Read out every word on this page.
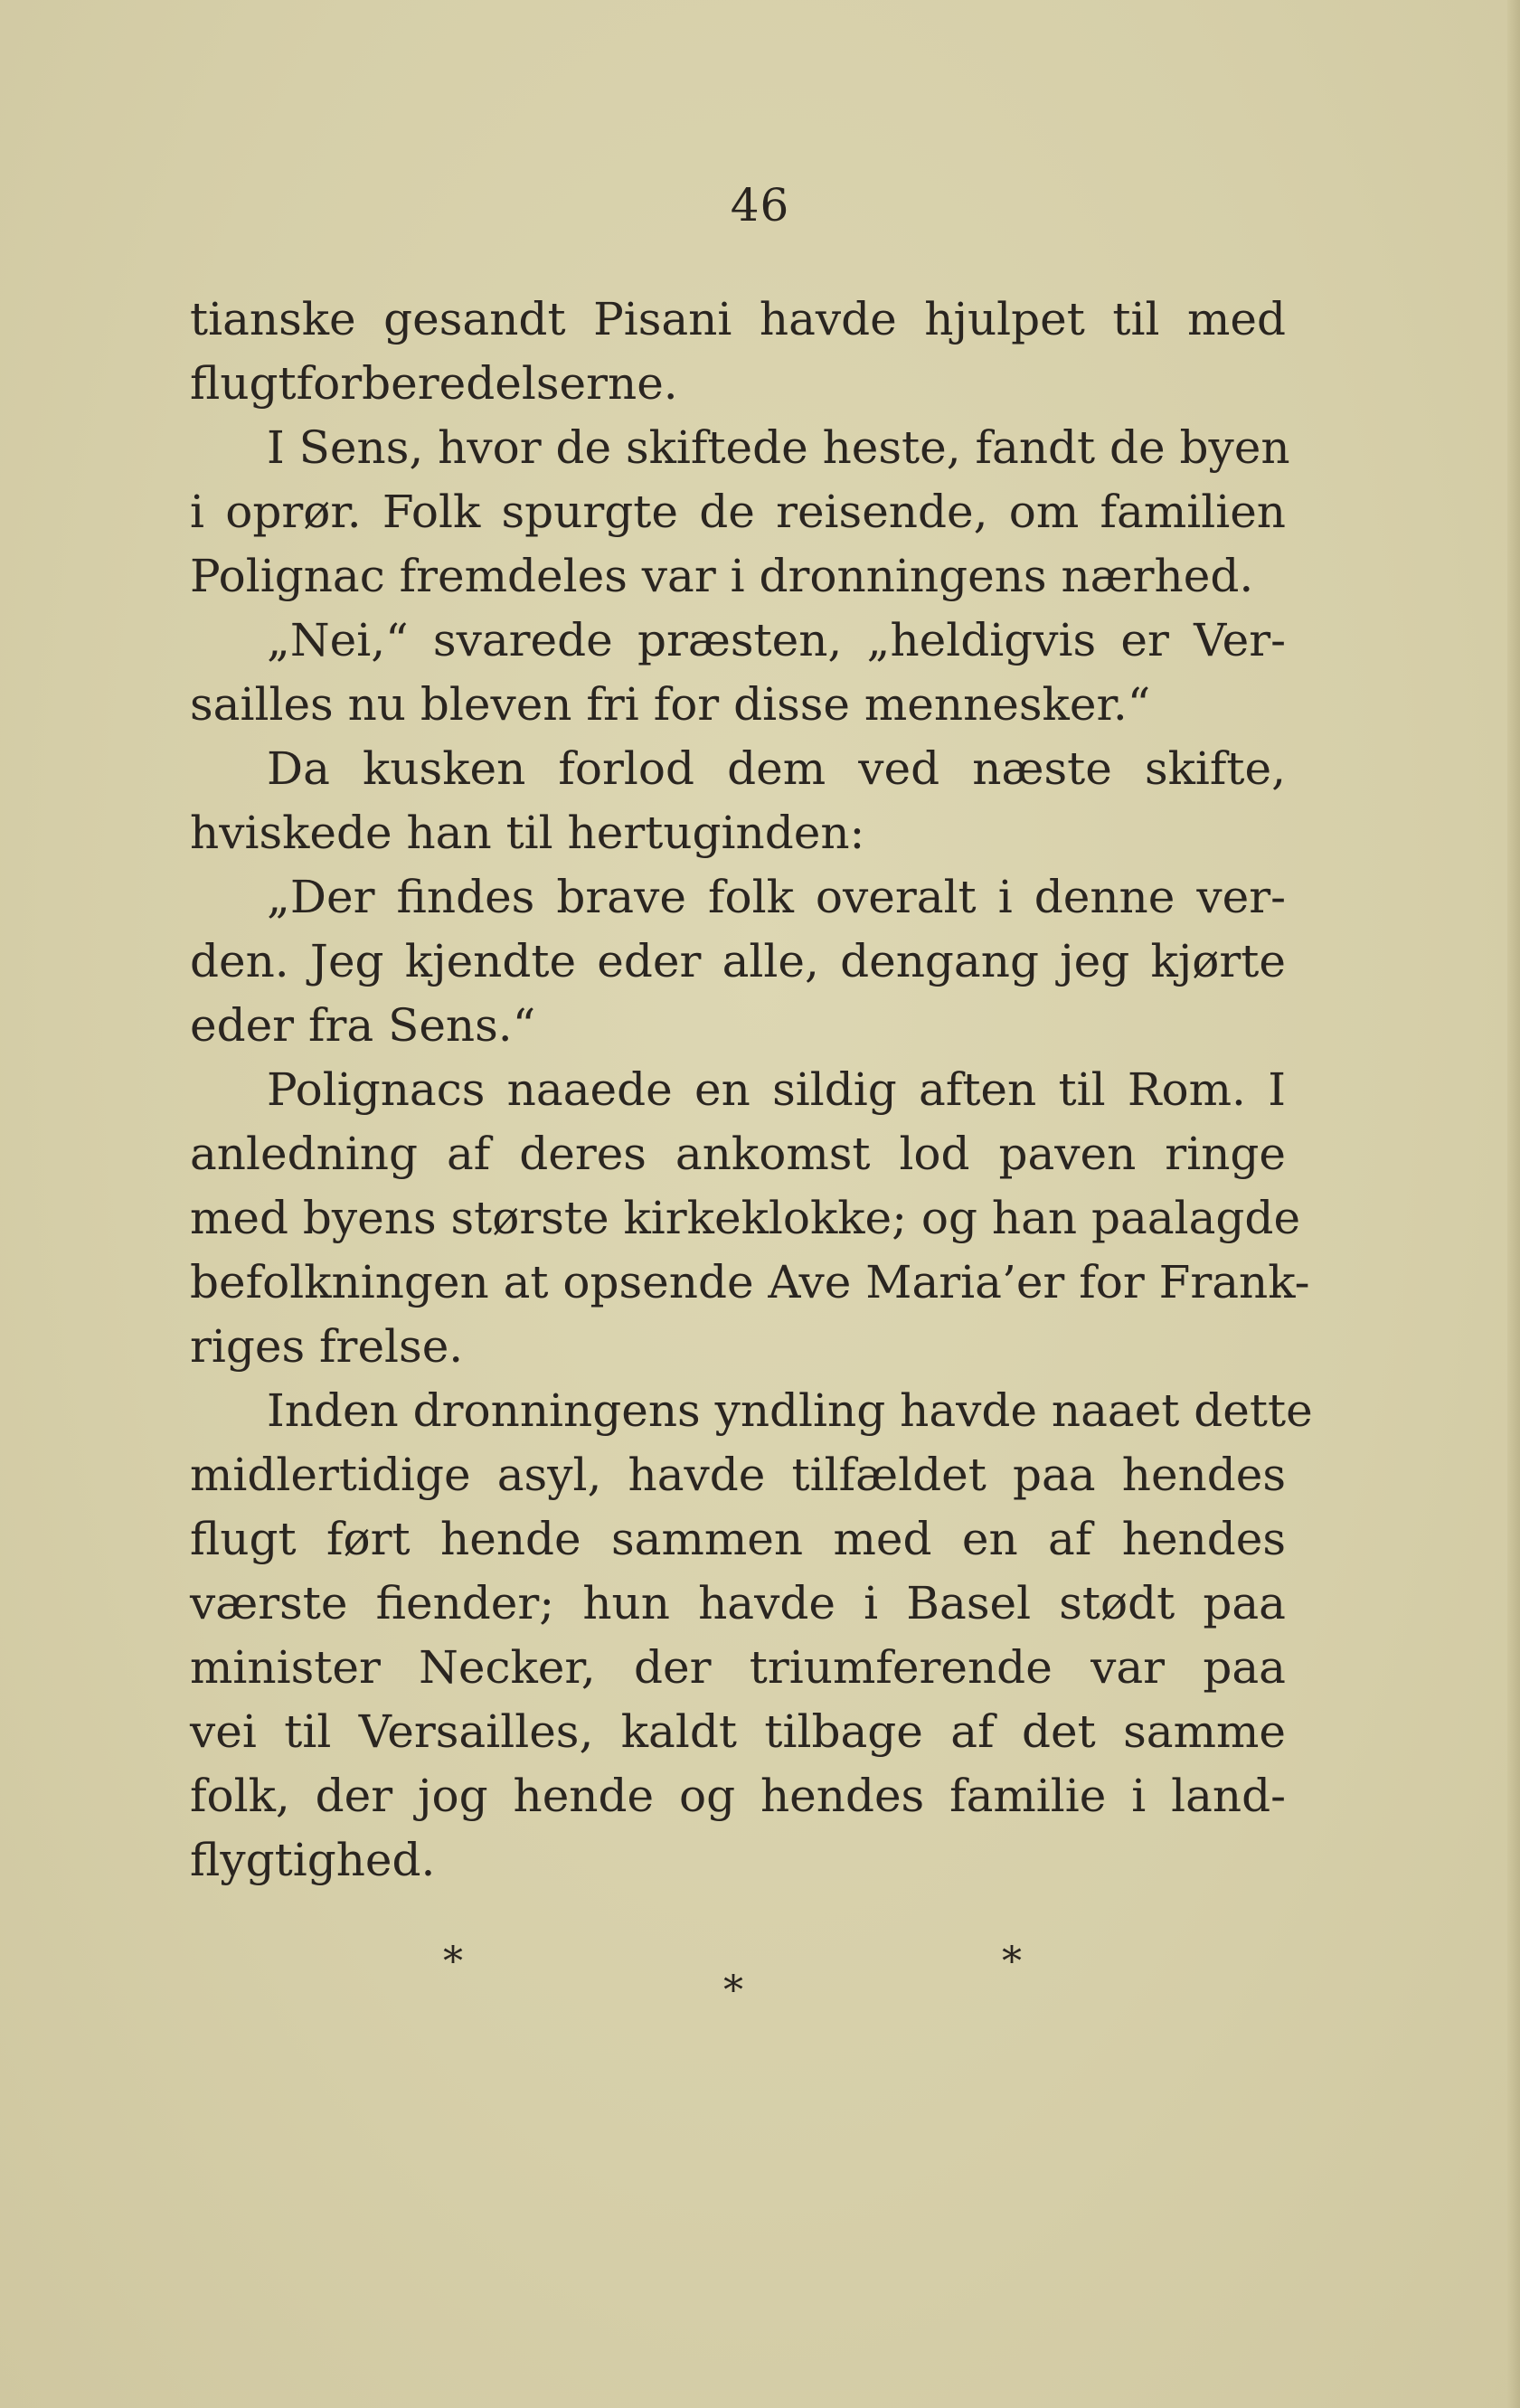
46
tianske gesandt Pisani havde hjulpet til med
flugtforberedelserne.
I Sens, hvor de skiftede heste, fandt de byen
i oprør. Folk spurgte de reisende, om familien
Polignac fremdeles var i dronningens nærhed.
„Nei,“ svarede præsten, „heldigvis er Ver-
sailles nu bleven fri for disse mennesker.“
Da kusken forlod dem ved næste skifte,
hviskede han til hertuginden:
„Der findes brave folk overalt i denne ver-
den. Jeg kjendte eder alle, dengang jeg kjørte
eder fra Sens.“
Polignacs naaede en sildig aften til Rom. I
anledning af deres ankomst lod paven ringe
med byens største kirkeklokke; og han paalagde
befolkningen at opsende Ave Maria’er for Frank-
riges frelse.
Inden dronningens yndling havde naaet dette
midlertidige asyl, havde tilfældet paa hendes
flugt ført hende sammen med en af hendes
værste fiender; hun havde i Basel stødt paa
minister Necker, der triumferende var paa
vei til Versailles, kaldt tilbage af det samme
folk, der jog hende og hendes familie i land-
flygtighed.
*
*
*
